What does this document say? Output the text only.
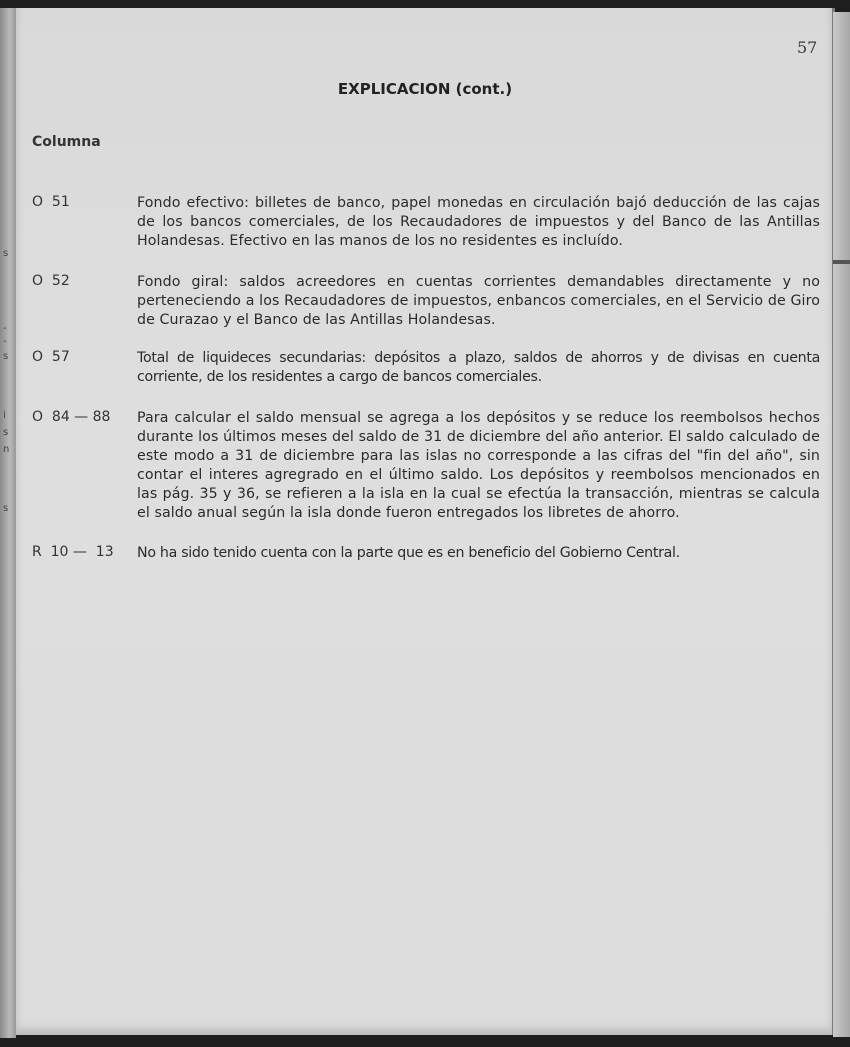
s
-
-
s
i
s
n
s
57
EXPLICACION (cont.)
Columna
O  51	Fondo efectivo: billetes de banco, papel monedas en circulación bajó deducción de las cajas de los bancos comerciales, de los Recaudadores de impuestos y del Banco de las Antillas Holandesas. Efectivo en las manos de los no residentes es incluído.
O  52	Fondo giral: saldos acreedores en cuentas corrientes demandables directamente y no perteneciendo a los Recaudadores de impuestos, enbancos comerciales, en el Servicio de Giro de Curazao y el Banco de las Antillas Holandesas.
O  57	Total de liquideces secundarias: depósitos a plazo, saldos de ahorros y de divisas en cuenta corriente, de los residentes a cargo de bancos comerciales.
O  84 — 88 Para calcular el saldo mensual se agrega a los depósitos y se reduce los reembolsos hechos durante los últimos meses del saldo de 31 de diciembre del año anterior. El saldo calculado de este modo a 31 de diciembre para las islas no corresponde a las cifras del "fin del año", sin contar el interes agregrado en el último saldo. Los depósitos y reembolsos mencionados en las pág. 35 y 36, se refieren a la isla en la cual se efectúa la transacción, mientras se calcula el saldo anual según la isla donde fueron entregados los libretes de ahorro.
R  10 —  13 No ha sido tenido cuenta con la parte que es en beneficio del Gobierno Central.
